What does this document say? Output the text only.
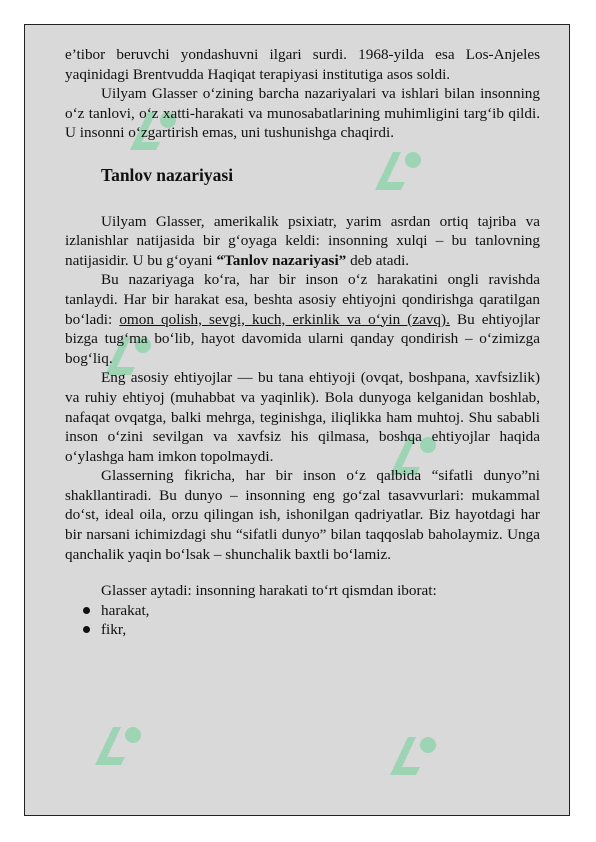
e’tibor beruvchi yondashuvni ilgari surdi. 1968-yilda esa Los-Anjeles yaqinidagi Brentvudda Haqiqat terapiyasi institutiga asos soldi.

Uilyam Glasser o‘zining barcha nazariyalari va ishlari bilan insonning o‘z tanlovi, o‘z xatti-harakati va munosabatlarining muhimligini targ‘ib qildi. U insonni o‘zgartirish emas, uni tushunishga chaqirdi.

Tanlov nazariyasi

Uilyam Glasser, amerikalik psixiatr, yarim asrdan ortiq tajriba va izlanishlar natijasida bir g‘oyaga keldi: insonning xulqi – bu tanlovning natijasidir. U bu g‘oyani “Tanlov nazariyasi” deb atadi.

Bu nazariyaga ko‘ra, har bir inson o‘z harakatini ongli ravishda tanlaydi. Har bir harakat esa, beshta asosiy ehtiyojni qondirishga qaratilgan bo‘ladi: omon qolish, sevgi, kuch, erkinlik va o‘yin (zavq). Bu ehtiyojlar bizga tug‘ma bo‘lib, hayot davomida ularni qanday qondirish – o‘zimizga bog‘liq.

Eng asosiy ehtiyojlar — bu tana ehtiyoji (ovqat, boshpana, xavfsizlik) va ruhiy ehtiyoj (muhabbat va yaqinlik). Bola dunyoga kelganidan boshlab, nafaqat ovqatga, balki mehrga, teginishga, iliqlikka ham muhtoj. Shu sababli inson o‘zini sevilgan va xavfsiz his qilmasa, boshqa ehtiyojlar haqida o‘ylashga ham imkon topolmaydi.

Glasserning fikricha, har bir inson o‘z qalbida “sifatli dunyo”ni shakllantiradi. Bu dunyo – insonning eng go‘zal tasavvurlari: mukammal do‘st, ideal oila, orzu qilingan ish, ishonilgan qadriyatlar. Biz hayotdagi har bir narsani ichimizdagi shu “sifatli dunyo” bilan taqqoslab baholaymiz. Unga qanchalik yaqin bo‘lsak – shunchalik baxtli bo‘lamiz.

Glasser aytadi: insonning harakati to‘rt qismdan iborat:

harakat,
fikr,
